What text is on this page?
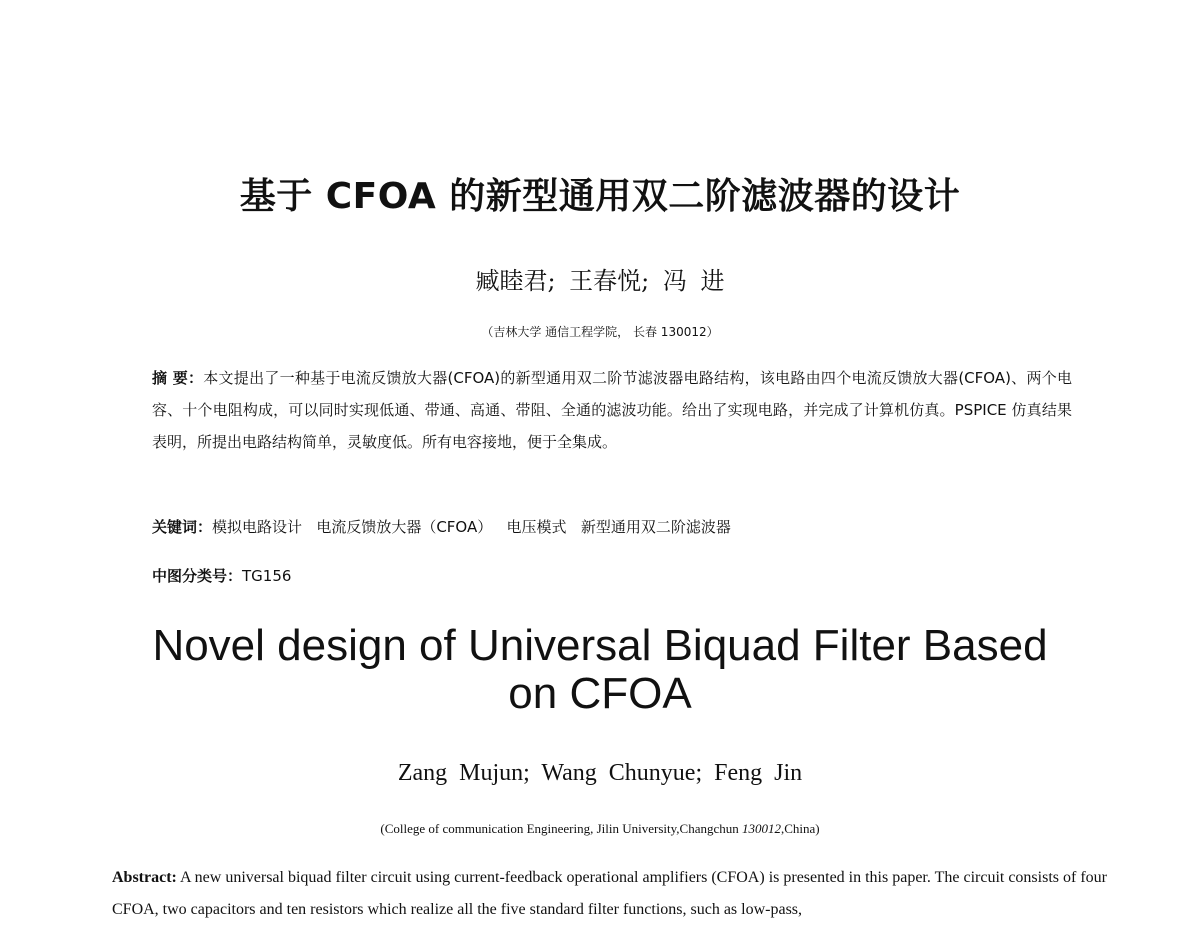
基于 CFOA 的新型通用双二阶滤波器的设计
臧睦君; 王春悦; 冯 进
（吉林大学 通信工程学院， 长春 130012）
摘 要：本文提出了一种基于电流反馈放大器(CFOA)的新型通用双二阶节滤波器电路结构，该电路由四个电流反馈放大器(CFOA)、两个电容、十个电阻构成，可以同时实现低通、带通、高通、带阻、全通的滤波功能。给出了实现电路，并完成了计算机仿真。PSPICE 仿真结果表明，所提出电路结构简单，灵敏度低。所有电容接地，便于全集成。
关键词：模拟电路设计   电流反馈放大器（CFOA）   电压模式   新型通用双二阶滤波器
中图分类号：TG156
Novel design of Universal Biquad Filter Based
on CFOA
Zang Mujun; Wang Chunyue; Feng Jin
(College of communication Engineering, Jilin University,Changchun 130012,China)
Abstract: A new universal biquad filter circuit using current-feedback operational amplifiers (CFOA) is presented in this paper. The circuit consists of four CFOA, two capacitors and ten resistors which realize all the five standard filter functions, such as low-pass,
